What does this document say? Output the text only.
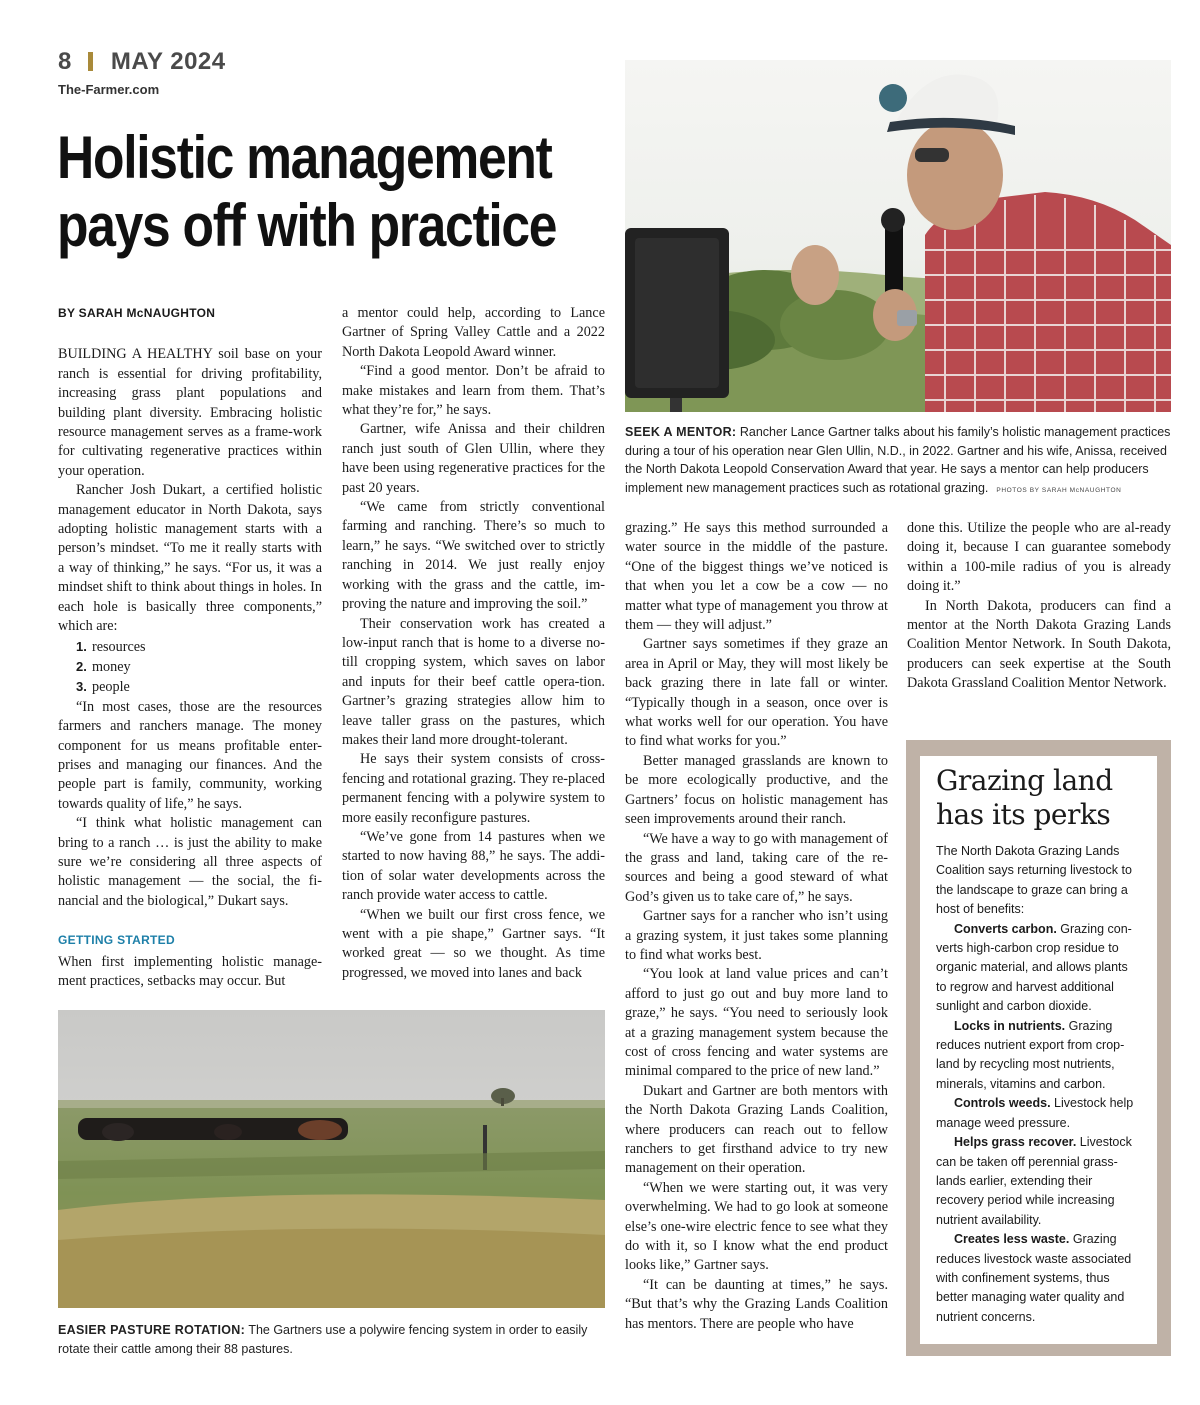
8 MAY 2024
The-Farmer.com
Holistic management
pays off with practice
SEEK A MENTOR: Rancher Lance Gartner talks about his family’s holistic management practices during a tour of his operation near Glen Ullin, N.D., in 2022. Gartner and his wife, Anissa, received the North Dakota Leopold Conservation Award that year. He says a mentor can help producers implement new management practices such as rotational grazing. PHOTOS BY SARAH McNAUGHTON
BY SARAH McNAUGHTON

BUILDING A HEALTHY soil base on your ranch is essential for driving profitability, increasing grass plant populations and building plant diversity. Embracing holistic resource management serves as a frame-work for cultivating regenerative practices within your operation.

Rancher Josh Dukart, a certified holistic management educator in North Dakota, says adopting holistic management starts with a person’s mindset. “To me it really starts with a way of thinking,” he says. “For us, it was a mindset shift to think about things in holes. In each hole is basically three components,” which are:

1. resources
2. money
3. people

“In most cases, those are the resources farmers and ranchers manage. The money component for us means profitable enter-prises and managing our finances. And the people part is family, community, working towards quality of life,” he says.

“I think what holistic management can bring to a ranch … is just the ability to make sure we’re considering all three aspects of holistic management — the social, the fi-nancial and the biological,” Dukart says.

GETTING STARTED

When first implementing holistic manage-ment practices, setbacks may occur. But

a mentor could help, according to Lance Gartner of Spring Valley Cattle and a 2022 North Dakota Leopold Award winner.

“Find a good mentor. Don’t be afraid to make mistakes and learn from them. That’s what they’re for,” he says.

Gartner, wife Anissa and their children ranch just south of Glen Ullin, where they have been using regenerative practices for the past 20 years.

“We came from strictly conventional farming and ranching. There’s so much to learn,” he says. “We switched over to strictly ranching in 2014. We just really enjoy working with the grass and the cattle, im-proving the nature and improving the soil.”

Their conservation work has created a low-input ranch that is home to a diverse no-till cropping system, which saves on labor and inputs for their beef cattle opera-tion. Gartner’s grazing strategies allow him to leave taller grass on the pastures, which makes their land more drought-tolerant.

He says their system consists of cross-fencing and rotational grazing. They re-placed permanent fencing with a polywire system to more easily reconfigure pastures.

“We’ve gone from 14 pastures when we started to now having 88,” he says. The addi-tion of solar water developments across the ranch provide water access to cattle.

“When we built our first cross fence, we went with a pie shape,” Gartner says. “It worked great — so we thought. As time progressed, we moved into lanes and back

EASIER PASTURE ROTATION: The Gartners use a polywire fencing system in order to easily rotate their cattle among their 88 pastures.

grazing.” He says this method surrounded a water source in the middle of the pasture. “One of the biggest things we’ve noticed is that when you let a cow be a cow — no matter what type of management you throw at them — they will adjust.”

Gartner says sometimes if they graze an area in April or May, they will most likely be back grazing there in late fall or winter. “Typically though in a season, once over is what works well for our operation. You have to find what works for you.”

Better managed grasslands are known to be more ecologically productive, and the Gartners’ focus on holistic management has seen improvements around their ranch.

“We have a way to go with management of the grass and land, taking care of the re-sources and being a good steward of what God’s given us to take care of,” he says.

Gartner says for a rancher who isn’t using a grazing system, it just takes some planning to find what works best.

“You look at land value prices and can’t afford to just go out and buy more land to graze,” he says. “You need to seriously look at a grazing management system because the cost of cross fencing and water systems are minimal compared to the price of new land.”

Dukart and Gartner are both mentors with the North Dakota Grazing Lands Coalition, where producers can reach out to fellow ranchers to get firsthand advice to try new management on their operation.

“When we were starting out, it was very overwhelming. We had to go look at someone else’s one-wire electric fence to see what they do with it, so I know what the end product looks like,” Gartner says.

“It can be daunting at times,” he says. “But that’s why the Grazing Lands Coalition has mentors. There are people who have

done this. Utilize the people who are al-ready doing it, because I can guarantee somebody within a 100-mile radius of you is already doing it.”

In North Dakota, producers can find a mentor at the North Dakota Grazing Lands Coalition Mentor Network. In South Dakota, producers can seek expertise at the South Dakota Grassland Coalition Mentor Network.

Grazing land
has its perks

The North Dakota Grazing Lands Coalition says returning livestock to the landscape to graze can bring a host of benefits:

Converts carbon. Grazing con-verts high-carbon crop residue to organic material, and allows plants to regrow and harvest additional sunlight and carbon dioxide.

Locks in nutrients. Grazing reduces nutrient export from crop-land by recycling most nutrients, minerals, vitamins and carbon.

Controls weeds. Livestock help manage weed pressure.

Helps grass recover. Livestock can be taken off perennial grass-lands earlier, extending their recovery period while increasing nutrient availability.

Creates less waste. Grazing reduces livestock waste associated with confinement systems, thus better managing water quality and nutrient concerns.
